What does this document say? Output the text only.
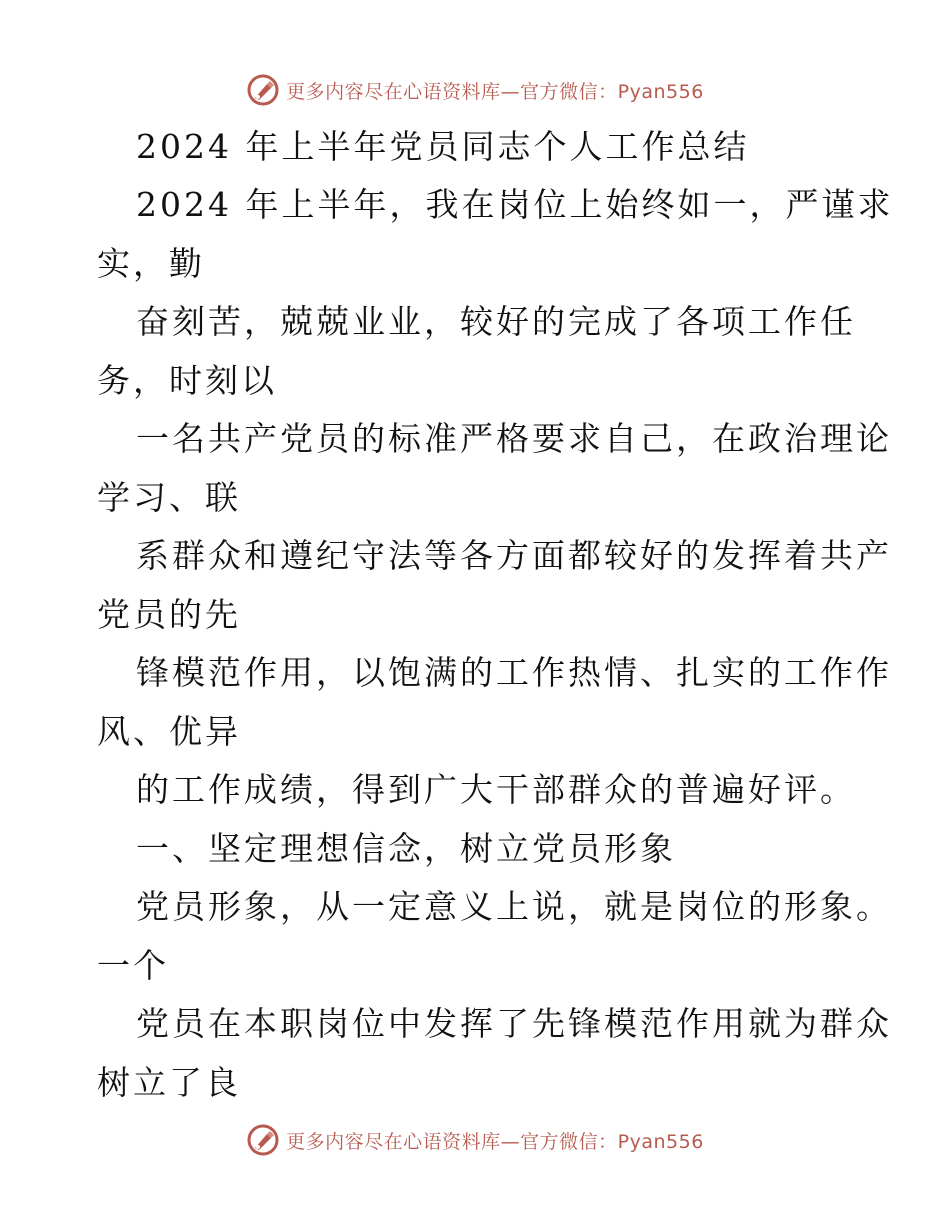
更多内容尽在心语资料库—官方微信：Pyan556
2024 年上半年党员同志个人工作总结
2024 年上半年，我在岗位上始终如一，严谨求
实，勤
奋刻苦，兢兢业业，较好的完成了各项工作任
务，时刻以
一名共产党员的标准严格要求自己，在政治理论
学习、联
系群众和遵纪守法等各方面都较好的发挥着共产
党员的先
锋模范作用，以饱满的工作热情、扎实的工作作
风、优异
的工作成绩，得到广大干部群众的普遍好评。
一、坚定理想信念，树立党员形象
党员形象，从一定意义上说，就是岗位的形象。
一个
党员在本职岗位中发挥了先锋模范作用就为群众
树立了良
更多内容尽在心语资料库—官方微信：Pyan556
